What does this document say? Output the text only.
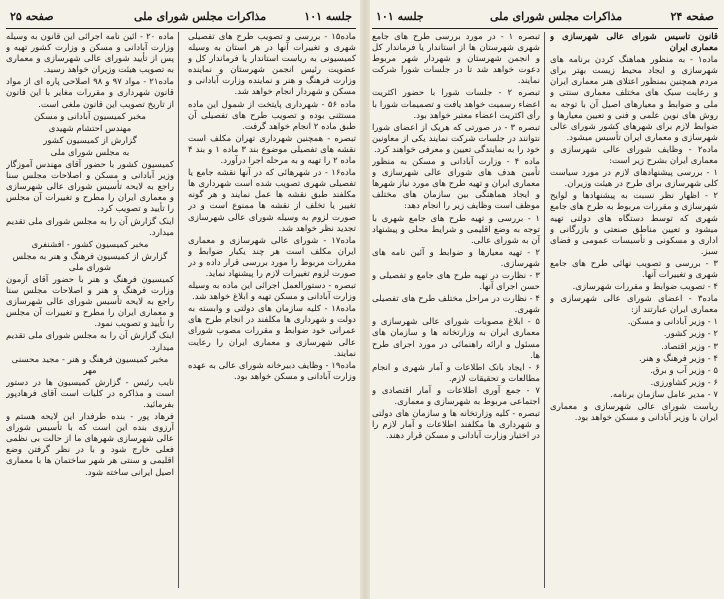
صفحه ۲۵	مذاکرات مجلس شورای ملی	جلسه ۱۰۱

ماده۱۵ - بررسی و تصویب طرح های تفصیلی شهری و تغییرات آنها در هر استان به وسیله کمیسیونی به ریاست استاندار یا فرماندار کل و عضویت رئیس انجمن شهرستان و نماینده وزارت فرهنگ و هنر و نماینده وزارت آبادانی و مسکن و شهردار انجام خواهد شد.

ماده ۵۶ - شهرداری پایتخت از شمول این ماده مستثنی بوده و تصویب طرح های تفصیلی آن طبق ماده ۲ انجام خواهد گرفت.

تبصره - همچنین شهرداری تهران مکلف است نقشه های تفصیلی موضوع بند ۳ ماده ۱ و بند ۴ ماده ۲ را تهیه و به مرحله اجرا درآورد.

ماده۱۶ - در شهرهائی که در آنها نقشه جامع یا تفصیلی شهری تصویب شده است شهرداری ها مکلفند طبق نقشه ها عمل نمایند و هر گونه تغییر یا تخلف از نقشه ها ممنوع است و در صورت لزوم به وسیله شورای عالی شهرسازی تجدید نظر خواهد شد.

ماده۱۷ - شورای عالی شهرسازی و معماری ایران مکلف است هر چند یکبار ضوابط و مقررات مربوط را مورد بررسی قرار داده و در صورت لزوم تغییرات لازم را پیشنهاد نماید.

تبصره - دستورالعمل اجرائی این ماده به وسیله وزارت آبادانی و مسکن تهیه و ابلاغ خواهد شد.

ماده۱۸ - کلیه سازمان های دولتی و وابسته به دولت و شهرداری ها مکلفند در انجام طرح های عمرانی خود ضوابط و مقررات مصوب شورای عالی شهرسازی و معماری ایران را رعایت نمایند.

ماده۱۹ - وظایف دبیرخانه شورای عالی به عهده وزارت آبادانی و مسکن خواهد بود.

ماده ۲۰ - آئین نامه اجرائی این قانون به وسیله وزارت آبادانی و مسکن و وزارت کشور تهیه و پس از تأیید شورای عالی شهرسازی و معماری به تصویب هیئت وزیران خواهد رسید.

ماده۲۱ - مواد ۹۷ و ۹۸ اصلاحی پاره ای از مواد قانون شهرداری و مقررات مغایر با این قانون از تاریخ تصویب این قانون ملغی است.

مخبر کمیسیون آبادانی و مسکن

مهندس احتشام شهیدی

گزارش از کمیسیون کشور

به مجلس شورای ملی

کمیسیون کشور با حضور آقای مهندس آموزگار وزیر آبادانی و مسکن و اصلاحات مجلس سنا راجع به لایحه تأسیس شورای عالی شهرسازی و معماری ایران را مطرح و تغییرات آن مجلس را تأیید و تصویب کرد.

اینک گزارش آن را به مجلس شورای ملی تقدیم میدارد.

مخبر کمیسیون کشور - افشنفری

گزارش از کمیسیون فرهنگ و هنر به مجلس شورای ملی

کمیسیون فرهنگ و هنر با حضور آقای آزمون وزارت فرهنگ و هنر و اصلاحات مجلس سنا راجع به لایحه تأسیس شورای عالی شهرسازی و معماری ایران را مطرح و تغییرات آن مجلس را تأیید و تصویب نمود.

اینک گزارش آن را به مجلس شورای ملی تقدیم میدارد.

مخبر کمیسیون فرهنگ و هنر - مجید محسنی مهر

نایب رئیس - گزارش کمیسیون ها در دستور است و مذاکره در کلیات است آقای فرهادپور بفرمائید.

فرهاد پور - بنده طرفدار این لایحه هستم و آرزوی بنده این است که با تأسیس شورای عالی شهرسازی شهرهای ما از حالت بی نظمی فعلی خارج شود و با در نظر گرفتن وضع اقلیمی و سنتی هر شهر ساختمان ها با معماری اصیل ایرانی ساخته شود.

جلسه ۱۰۱	مذاکرات مجلس شورای ملی	صفحه ۲۴

قانون تأسیس شورای عالی شهرسازی و معماری ایران

ماده۱ - به منظور هماهنگ کردن برنامه های شهرسازی و ایجاد محیط زیست بهتر برای مردم همچنین بمنظور اعتلای هنر معماری ایران و رعایت سبک های مختلف معماری سنتی و ملی و ضوابط و معیارهای اصیل آن با توجه به روش های نوین علمی و فنی و تعیین معیارها و ضوابط لازم برای شهرهای کشور شورای عالی شهرسازی و معماری ایران تأسیس میشود.

ماده۲ - وظایف شورای عالی شهرسازی و معماری ایران بشرح زیر است:

۱ - بررسی پیشنهادهای لازم در مورد سیاست کلی شهرسازی برای طرح در هیئت وزیران.

۲ - اظهار نظر نسبت به پیشنهادها و لوایح شهرسازی و مقررات مربوط به طرح های جامع شهری که توسط دستگاه های دولتی تهیه میشود و تعیین مناطق صنعتی و بازرگانی و اداری و مسکونی و تأسیسات عمومی و فضای سبز.

۳ - بررسی و تصویب نهائی طرح های جامع شهری و تغییرات آنها.

۴ - تصویب ضوابط و مقررات شهرسازی.

ماده۳ - اعضای شورای عالی شهرسازی و معماری ایران عبارتند از:

۱ - وزیر آبادانی و مسکن.

۲ - وزیر کشور.

۳ - وزیر اقتصاد.

۴ - وزیر فرهنگ و هنر.

۵ - وزیر آب و برق.

۶ - وزیر کشاورزی.

۷ - مدیر عامل سازمان برنامه.

ریاست شورای عالی شهرسازی و معماری ایران با وزیر آبادانی و مسکن خواهد بود.

تبصره ۱ - در مورد بررسی طرح های جامع شهری شهرستان ها از استاندار یا فرماندار کل و انجمن شهرستان و شهردار شهر مربوط دعوت خواهد شد تا در جلسات شورا شرکت نمایند.

تبصره ۲ - جلسات شورا با حضور اکثریت اعضاء رسمیت خواهد یافت و تصمیمات شورا با رأی اکثریت اعضاء معتبر خواهد بود.

تبصره ۳ - در صورتی که هریک از اعضای شورا نتوانند در جلسات شرکت نمایند یکی از معاونین خود را به نمایندگی تعیین و معرفی خواهند کرد.

ماده ۴ - وزارت آبادانی و مسکن به منظور تأمین هدف های شورای عالی شهرسازی و معماری ایران و تهیه طرح های مورد نیاز شهرها و ایجاد هماهنگی بین سازمان های مختلف موظف است وظایف زیر را انجام دهد:

۱ - بررسی و تهیه طرح های جامع شهری با توجه به وضع اقلیمی و شرایط محلی و پیشنهاد آن به شورای عالی.

۲ - تهیه معیارها و ضوابط و آئین نامه های شهرسازی.

۳ - نظارت در تهیه طرح های جامع و تفصیلی و حسن اجرای آنها.

۴ - نظارت در مراحل مختلف طرح های تفصیلی شهری.

۵ - ابلاغ مصوبات شورای عالی شهرسازی و معماری ایران به وزارتخانه ها و سازمان های مسئول و ارائه راهنمائی در مورد اجرای طرح ها.

۶ - ایجاد بانک اطلاعات و آمار شهری و انجام مطالعات و تحقیقات لازم.

۷ - جمع آوری اطلاعات و آمار اقتصادی و اجتماعی مربوط به شهرسازی و معماری.

تبصره - کلیه وزارتخانه ها و سازمان های دولتی و شهرداری ها مکلفند اطلاعات و آمار لازم را در اختیار وزارت آبادانی و مسکن قرار دهند.
